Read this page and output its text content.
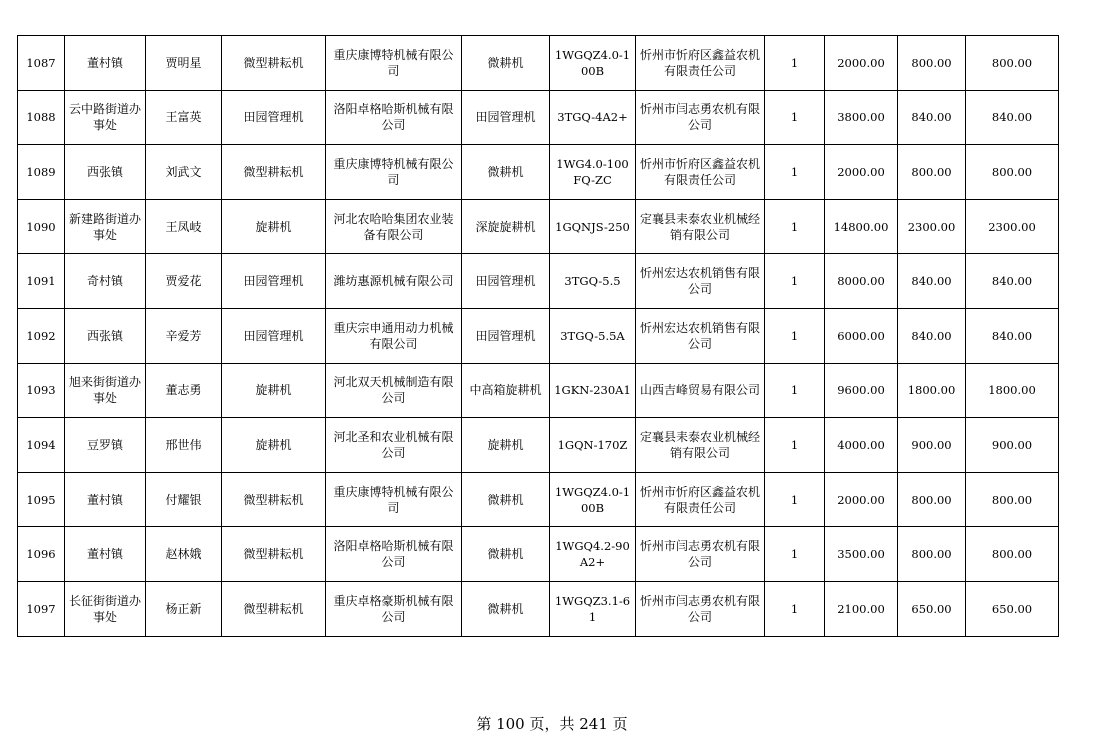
1087	董村镇	贾明星	微型耕耘机	重庆康博特机械有限公司	微耕机	1WGQZ4.0-100B	忻州市忻府区鑫益农机有限责任公司	1	2000.00	800.00	800.00
1088	云中路街道办事处	王富英	田园管理机	洛阳卓格哈斯机械有限公司	田园管理机	3TGQ-4A2+	忻州市闫志勇农机有限公司	1	3800.00	840.00	840.00
1089	西张镇	刘武文	微型耕耘机	重庆康博特机械有限公司	微耕机	1WG4.0-100FQ-ZC	忻州市忻府区鑫益农机有限责任公司	1	2000.00	800.00	800.00
1090	新建路街道办事处	王凤岐	旋耕机	河北农哈哈集团农业装备有限公司	深旋旋耕机	1GQNJS-250	定襄县耒泰农业机械经销有限公司	1	14800.00	2300.00	2300.00
1091	奇村镇	贾爱花	田园管理机	潍坊惠源机械有限公司	田园管理机	3TGQ-5.5	忻州宏达农机销售有限公司	1	8000.00	840.00	840.00
1092	西张镇	辛爱芳	田园管理机	重庆宗申通用动力机械有限公司	田园管理机	3TGQ-5.5A	忻州宏达农机销售有限公司	1	6000.00	840.00	840.00
1093	旭来街街道办事处	董志勇	旋耕机	河北双天机械制造有限公司	中高箱旋耕机	1GKN-230A1	山西吉峰贸易有限公司	1	9600.00	1800.00	1800.00
1094	豆罗镇	邢世伟	旋耕机	河北圣和农业机械有限公司	旋耕机	1GQN-170Z	定襄县耒泰农业机械经销有限公司	1	4000.00	900.00	900.00
1095	董村镇	付耀银	微型耕耘机	重庆康博特机械有限公司	微耕机	1WGQZ4.0-100B	忻州市忻府区鑫益农机有限责任公司	1	2000.00	800.00	800.00
1096	董村镇	赵林娥	微型耕耘机	洛阳卓格哈斯机械有限公司	微耕机	1WGQ4.2-90A2+	忻州市闫志勇农机有限公司	1	3500.00	800.00	800.00
1097	长征街街道办事处	杨正新	微型耕耘机	重庆卓格豪斯机械有限公司	微耕机	1WGQZ3.1-61	忻州市闫志勇农机有限公司	1	2100.00	650.00	650.00
第 100 页，共 241 页
